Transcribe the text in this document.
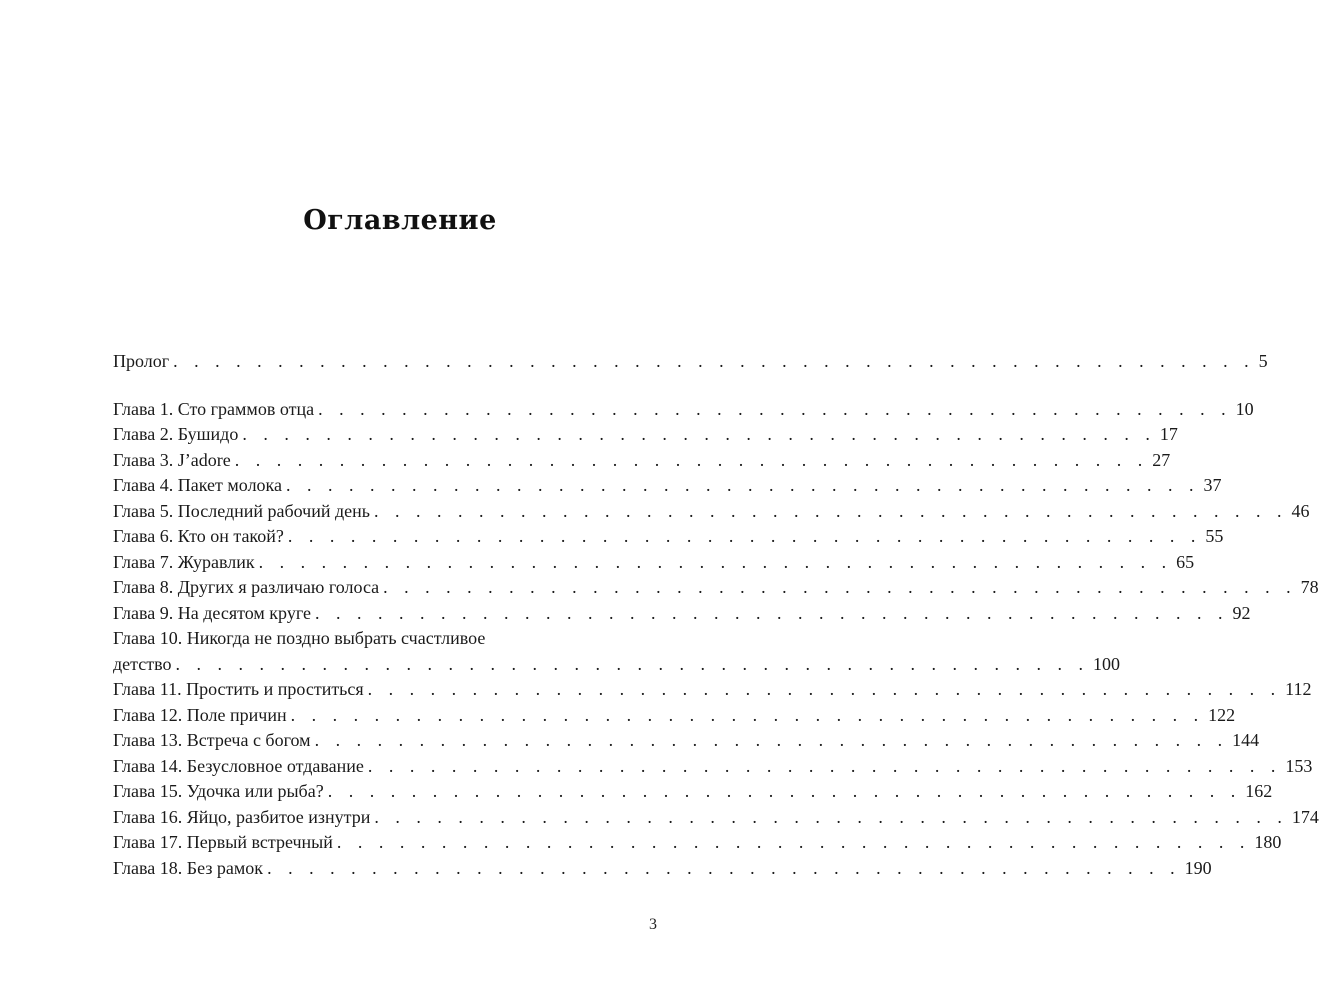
Оглавление
Пролог . . . . . . . . . . . . . . . . . . . . . . . . . . . . . . . . . . . . . . . . . . . . . . . . . . . . 5
Глава 1. Сто граммов отца . . . . . . . . . . . . . . . . . . . . . . . . . . . . . . . . . . . . . . . . . . . . 10
Глава 2. Бушидо . . . . . . . . . . . . . . . . . . . . . . . . . . . . . . . . . . . . . . . . . . . . 17
Глава 3. J’adore . . . . . . . . . . . . . . . . . . . . . . . . . . . . . . . . . . . . . . . . . . . . 27
Глава 4. Пакет молока . . . . . . . . . . . . . . . . . . . . . . . . . . . . . . . . . . . . . . . . . . . . 37
Глава 5. Последний рабочий день . . . . . . . . . . . . . . . . . . . . . . . . . . . . . . . . . . . . . . . . . . . . 46
Глава 6. Кто он такой? . . . . . . . . . . . . . . . . . . . . . . . . . . . . . . . . . . . . . . . . . . . . 55
Глава 7. Журавлик . . . . . . . . . . . . . . . . . . . . . . . . . . . . . . . . . . . . . . . . . . . . 65
Глава 8. Других я различаю голоса . . . . . . . . . . . . . . . . . . . . . . . . . . . . . . . . . . . . . . . . . . . . 78
Глава 9. На десятом круге . . . . . . . . . . . . . . . . . . . . . . . . . . . . . . . . . . . . . . . . . . . . 92
Глава 10. Никогда не поздно выбрать счастливое
детство . . . . . . . . . . . . . . . . . . . . . . . . . . . . . . . . . . . . . . . . . . . . 100
Глава 11. Простить и проститься . . . . . . . . . . . . . . . . . . . . . . . . . . . . . . . . . . . . . . . . . . . . 112
Глава 12. Поле причин . . . . . . . . . . . . . . . . . . . . . . . . . . . . . . . . . . . . . . . . . . . . 122
Глава 13. Встреча с богом . . . . . . . . . . . . . . . . . . . . . . . . . . . . . . . . . . . . . . . . . . . . 144
Глава 14. Безусловное отдавание . . . . . . . . . . . . . . . . . . . . . . . . . . . . . . . . . . . . . . . . . . . . 153
Глава 15. Удочка или рыба? . . . . . . . . . . . . . . . . . . . . . . . . . . . . . . . . . . . . . . . . . . . . 162
Глава 16. Яйцо, разбитое изнутри . . . . . . . . . . . . . . . . . . . . . . . . . . . . . . . . . . . . . . . . . . . . 174
Глава 17. Первый встречный . . . . . . . . . . . . . . . . . . . . . . . . . . . . . . . . . . . . . . . . . . . . 180
Глава 18. Без рамок . . . . . . . . . . . . . . . . . . . . . . . . . . . . . . . . . . . . . . . . . . . . 190
3
